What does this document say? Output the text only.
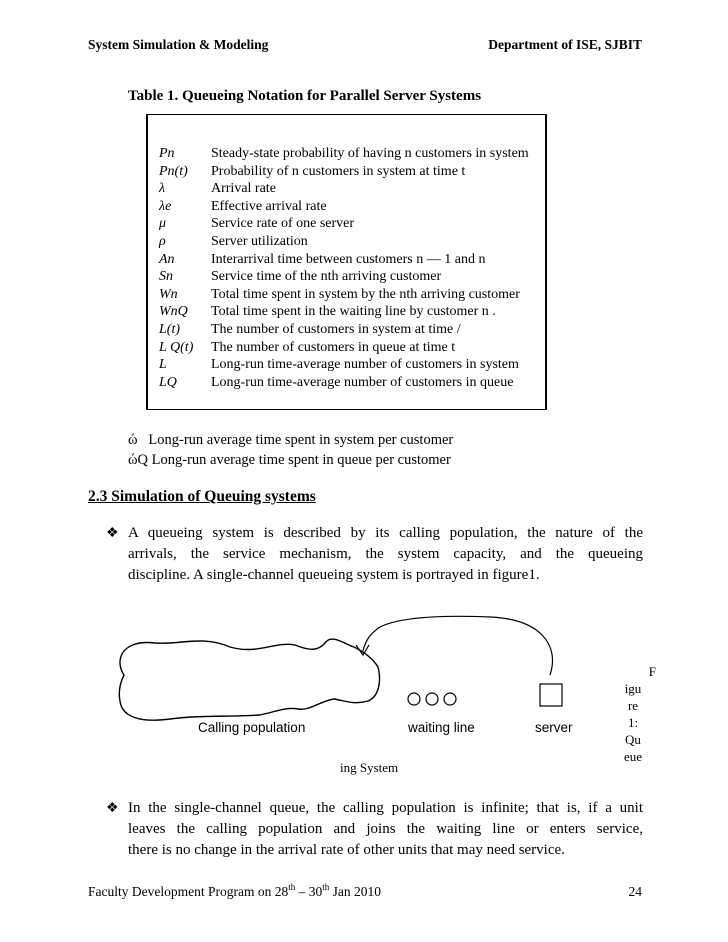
System Simulation & Modeling	Department of ISE, SJBIT
Table 1. Queueing Notation for Parallel Server Systems
Pn	Steady-state probability of having n customers in system
Pn(t)	Probability of n customers in system at time t
λ	Arrival rate
λe	Effective arrival rate
μ	Service rate of one server
ρ	Server utilization
An	Interarrival time between customers n — 1 and n
Sn	Service time of the nth arriving customer
Wn	Total time spent in system by the nth arriving customer
WnQ	Total time spent in the waiting line by customer n .
L(t)	The number of customers in system at time /
L Q(t)	The number of customers in queue at time t
L	Long-run time-average number of customers in system
LQ	Long-run time-average number of customers in queue
ώ Long-run average time spent in system per customer
ώQ Long-run average time spent in queue per customer
2.3 Simulation of Queuing systems
❖ A queueing system is described by its calling population, the nature of the
arrivals, the service mechanism, the system capacity, and the queueing
discipline. A single-channel queueing system is portrayed in figure1.
Calling population	waiting line	server
F
igu
re
1:
Qu
eue
ing System
❖ In the single-channel queue, the calling population is infinite; that is, if a unit
leaves the calling population and joins the waiting line or enters service,
there is no change in the arrival rate of other units that may need service.
Faculty Development Program on 28th – 30th Jan 2010	24
